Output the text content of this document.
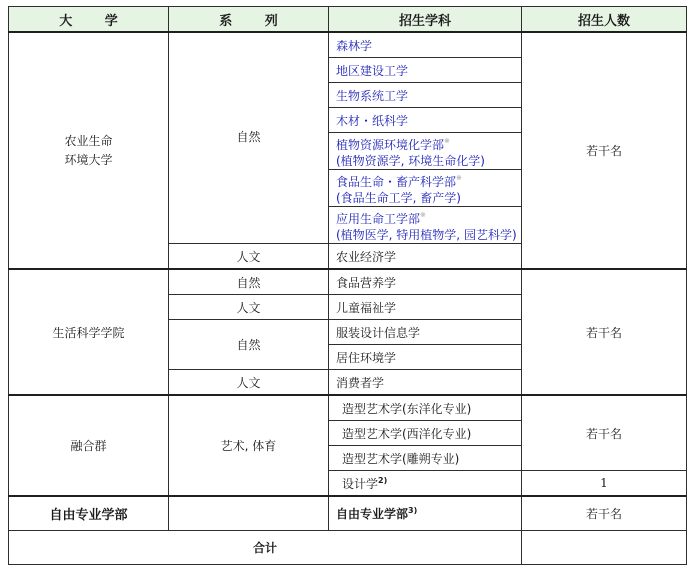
大 学	系 列	招生学科	招生人数

农业生命
环境大学	自然	森林学	若干名
		地区建设工学	
		生物系统工学	
		木材・纸科学	

		植物资源环境化学部※
(植物资源学, 环境生命化学)	

		食品生命・畜产科学部※
(食品生命工学, 畜产学)	

		应用生命工学部※
(植物医学, 特用植物学, 园艺科学)	

	人文	农业经济学	
生活科学学院	自然	食品营养学	若干名
	人文	儿童福祉学	
	自然	服装设计信息学	
		居住环境学	
	人文	消费者学	
融合群	艺术, 体育	造型艺术学(东洋化专业)	若干名
		造型艺术学(西洋化专业)	
		造型艺术学(雕朔专业)	
		设计学$^{2)}$	1
自由专业学部		自由专业学部$^{3)}$	若干名
合计			
